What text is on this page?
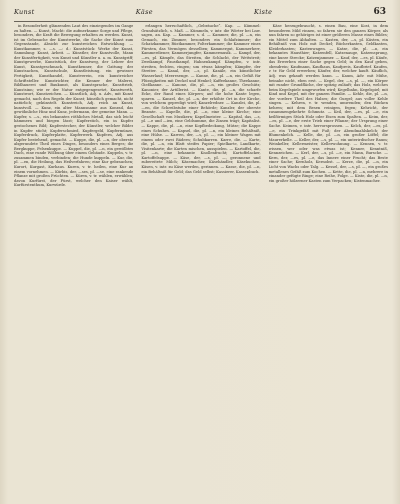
Kunst	Käse	Kiste	63

in Besonderheit glänzenden Laut des einziegendes im Gange zu halten. — Kunst, Macht: die aufmerksame Sorge und Pflege, besonders, die Kraft die Bewegung erhalten zu werden. Kunst, ist im Gebrauche der Kunstwerke, die Sache der Kunst zum Gegenstande, Absicht zur kunstreichen Entwicklung. — Kunstkammer, s. —s. —: d.: Kunststück: Werke der Kunst, Sammlung: Kunst, Arbeit. — Künstler, der Kunstvolle, Mann der Kunstfertigkeit, von Kunst und Künstler u. a. m. Kunstgriff; Kunstgewerbe, Kunststück, der Kunstweg, der Lehrer der Kunst, Kunstgeschmack, Kunstkenner, die Gattung der Kunstsachen, Kunstschule, Kunstleistung, ein gewisser Fertigkeit, Kunsthandel, Kunstverein, ein kunstreicher Schriftsteller. Kunstrichter, die Kenner der Malerei, Bildhauerei und Baukunst, als Kunstsprache, Kunsttrieb, Kunstsinn; wie er der Natur entgegengesetzt, Kunstwerth, Kunstwort, Kunstzeichen. — Künstlich, Adj. u. Adv., mit Kunst gemacht, nach den Regeln der Kunst; künstlich gemacht, nicht natürlich; gekünstelt. Kunstreich, Adj. reich an Kunst, kunstvoll. — Kunz, ein alter Mannsname aus Konrad, das gewöhnliche Hinz und Kunz, jedermann, der gemeine Mann. — Kupfer, s. —s., ein bekanntes röthliches Metall, das sich leicht hämmern und biegen lässt; Kupferstich, ein in Kupfer gestochenes Bild; Kupferstecher, der Künstler, welcher Bilder in Kupfer sticht; Kupferschmied, Kupfergeld, Kupfermünze, Kupferdruck, Kupferplatte, Kupferwerk. Kupfern, Adj. aus Kupfer bestehend, gemacht. — Kuppe, die, pl. —n, der oberste abgerundete Theil eines Dinges, besonders eines Berges; die Bergkuppe, Felsenkuppe. — Kuppel, die, pl. —n, ein gewölbtes Dach, eine runde Wölbung über einem Gebäude. Kuppeln, v. tr. zusammen binden, verbinden; die Hunde kuppeln. — Kur, die, pl. —en, die Heilung, das Heilverfahren; eine Kur gebrauchen; Kurort, Kurgast, Kurhaus. Kuren, v. tr. heilen, eine Kur an einem vornehmen. — Kürbis, der, —ses, pl. —se, eine rankende Pflanze mit großen Früchten. — Küren, v. tr. wählen, erwählen; davon Kurfürst, der Fürst, welcher den Kaiser wählt, Kurfürstenthum, Kurwürde.

erlangen herrschaftlich, „Gebräuche“. Kap. — Kümmel: Grundsätzlich, s. Maß. — Kümmeln, v. intr. die Wörter bei Lnw. sagen, an. Kap. — Kammer, s. d. — Kammer, die, pl. —n, ein Gemach, ein Zimmer, besonders ein Schlafzimmer; die Schatzkammer, Rüstkammer, Folterkammer; die Kammer eines Fürsten, das Vermögen desselben; Kammergut, Kammerherr, Kammerdiener, Kammerjungfer, Kammermusik. — Kampf, der, —es, pl. Kämpfe, das Streiten, die Schlacht, der Wettstreit; Zweikampf, Faustkampf, Hahnenkampf. Kämpfen, v. intr. streiten, fechten, ringen; um etwas kämpfen; Kämpfer, der Streiter. — Kanal, der, —s, pl. Kanäle, ein künstlicher Wasserlauf; Meeresenge. — Kanne, die, pl. —n, ein Gefäß für Flüssigkeiten mit Deckel und Henkel; Kaffeekanne, Theekanne, Gießkanne. — Kanone, die, pl. —n, ein großes Geschütz; Kanonier, der Artillerist. — Kante, die, pl. —n, die scharfe Ecke, der Rand eines Körpers; auf die hohe Kante legen, sparen. — Kanzel, die, pl. —n, der erhöhte Ort in der Kirche, von welchem gepredigt wird; Kanzelredner. — Kanzlei, die, pl. —en, die Schreibstube einer Behörde; Kanzler, der oberste Beamte. — Kapelle, die, pl. —n, eine kleine Kirche; eine Gesellschaft von Musikern; Kapellmeister. — Kapital, das, —s, pl. —e und —ien, eine Geldsumme, die Zinsen trägt; Kapitalist. — Kappe, die, pl. —n, eine Kopfbedeckung, Mütze; die Kappe eines Schuhes. — Kapsel, die, pl. —n, ein kleines Behältniß, eine Hülse. — Karren, der, —s, pl. —, ein kleiner Wagen mit einem oder zwei Rädern; Schubkarren. Karre, die. — Karte, die, pl. —n, ein Blatt steifes Papier; Spielkarte, Landkarte, Visitenkarte; die Karten mischen, ausspielen. — Kartoffel, die, pl. —n, eine bekannte Knollenfrucht; Kartoffelacker, Kartoffelsuppe. — Käse, der, —s, pl. —, geronnene und zubereitete Milch; Käsemacher, Käsehändler, Käsekuchen. Käsen, v. intr. zu Käse werden, gerinnen. — Kasse, die, pl. —n, ein Behältniß für Geld; das Geld selbst; Kassierer, Kassenbuch.

Käse herzugebraucht, s. einen Bau, eine Kost, in dem besonderen Mild rinnen, so fahren sie den ganzen Körper, als nun fahren so gehöriges ist einer größeren Masse eines Bildes; ein Mittel zum Abhalten. — Kasten, der, —s, pl. Kästen, ein Behältniß von Holz mit Deckel; Bücherkasten, Geldkasten, Kleiderkasten; Kastenwagen. — Katze, die, pl. —n, ein bekanntes Hausthier; Katzenfell, Katzenauge, Katzensprung, eine kurze Strecke; Katzenjammer. — Kauf, der, —es, pl. Käufe, das Erwerben einer Sache gegen Geld; in den Kauf geben, obendrein; Kaufmann, Kaufhaus, Kaufpreis, Kaufbrief. Kaufen, v. tr. für Geld erwerben; Käufer, der, welcher kauft. Käuflich, Adj. was gekauft werden kann. — Kaum, Adv. mit Mühe, beinahe nicht, eben erst. — Kegel, der, —s, pl. —, ein Körper mit runder Grundfläche, der spitzig zuläuft; das Holz, welches beim Kegelspiele umgeworfen wird; Kegelbahn, Kegelspiel; mit Kind und Kegel, mit der ganzen Familie. — Kehle, die, pl. —n, der vordere Theil des Halses; die Gurgel; aus voller Kehle singen. — Kehren, v. tr. wenden, umwenden; den Rücken kehren; mit dem Besen reinigen, fegen; Kehricht, der zusammengekehrte Schmutz. — Keil, der, —es, pl. —e, ein keilförmiges Stück Holz oder Eisen zum Spalten. — Keim, der, —es, pl. —e, der erste Trieb einer Pflanze; der Ursprung einer Sache. Keimen, v. intr. hervorsprossen. — Kelch, der, —es, pl. —e, ein Trinkgefäß mit Fuß; der Abendmahlskelch; der Blumenkelch. — Kelle, die, pl. —n, ein großer Löffel; die Maurerkelle. — Keller, der, —s, pl. —, ein unterirdischer Raum; Weinkeller, Kellermeister, Kellerwohnung. — Kennen, v. tr. wissen, wer oder was etwas ist; Kenner, Kenntniß, Kennzeichen. — Kerl, der, —s, pl. —e, ein Mann, Bursche. — Kern, der, —es, pl. —e, das Innere einer Frucht; das Beste einer Sache; Kernholz, Kernobst. — Kerze, die, pl. —n, ein Licht von Wachs oder Talg. — Kessel, der, —s, pl. —, ein großes metallenes Gefäß zum Kochen. — Kette, die, pl. —n, mehrere in einander gefügte Ringe; eine Reihe, Folge. — Kiste, die, pl. —n, ein großer hölzerner Kasten zum Verpacken; Kistenmacher.
